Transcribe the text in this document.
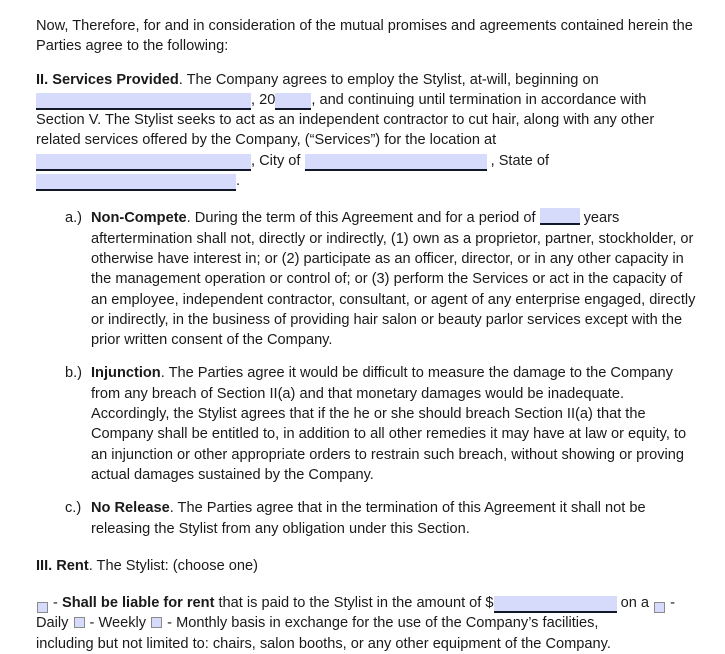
Now, Therefore, for and in consideration of the mutual promises and agreements contained herein the Parties agree to the following:

II. Services Provided. The Company agrees to employ the Stylist, at-will, beginning on
, 20 , and continuing until termination in accordance with
Section V. The Stylist seeks to act as an independent contractor to cut hair, along with any other
related services offered by the Company, (“Services”) for the location at
, City of

	, State of
.
a.) Non-Compete. During the term of this Agreement and for a period of	years aftertermination shall not, directly or indirectly, (1) own as a proprietor, partner, stockholder, or otherwise have interest in; or (2) participate as an officer, director, or in any other capacity in the management operation or control of; or (3) perform the Services or act in the capacity of an employee, independent contractor, consultant, or agent of any enterprise engaged, directly or indirectly, in the business of providing hair salon or beauty parlor services except with the prior written consent of the Company.
b.) Injunction. The Parties agree it would be difficult to measure the damage to the Company from any breach of Section II(a) and that monetary damages would be inadequate. Accordingly, the Stylist agrees that if the he or she should breach Section II(a) that the Company shall be entitled to, in addition to all other remedies it may have at law or equity, to an injunction or other appropriate orders to restrain such breach, without showing or proving actual damages sustained by the Company.
c.) No Release. The Parties agree that in the termination of this Agreement it shall not be releasing the Stylist from any obligation under this Section.
III. Rent. The Stylist: (choose one)
- Shall be liable for rent that is paid to the Stylist in the amount of $	on a -
Daily  - Weekly  - Monthly basis in exchange for the use of the Company’s facilities,
including but not limited to: chairs, salon booths, or any other equipment of the Company.
